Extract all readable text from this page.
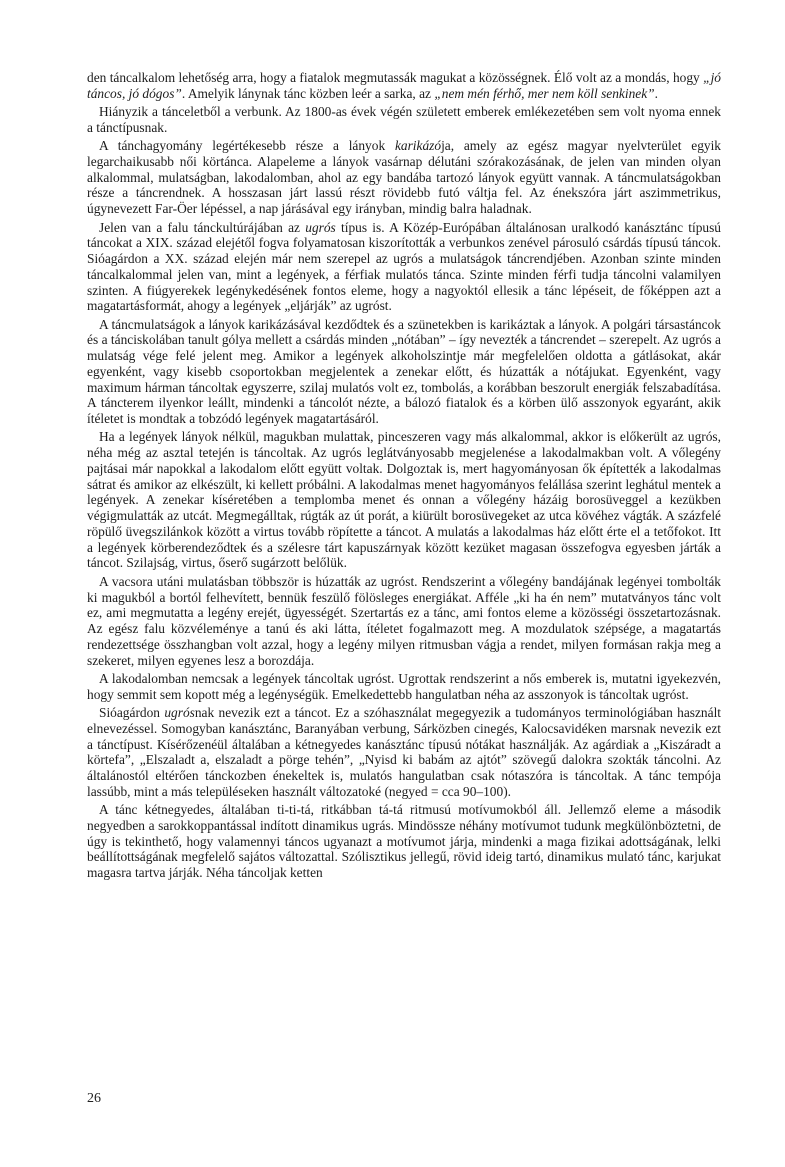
den táncalkalom lehetőség arra, hogy a fiatalok megmutassák magukat a közösségnek. Élő volt az a mondás, hogy „jó táncos, jó dógos”. Amelyik lánynak tánc közben leér a sarka, az „nem mén férhő, mer nem köll senkinek”.

Hiányzik a tánceletből a verbunk. Az 1800-as évek végén született emberek emlékezetében sem volt nyoma ennek a tánctípusnak.

A tánchagyomány legértékesebb része a lányok karikázója, amely az egész magyar nyelvterület egyik legarchaikusabb női körtánca. Alapeleme a lányok vasárnap délutáni szórakozásának, de jelen van minden olyan alkalommal, mulatságban, lakodalomban, ahol az egy bandába tartozó lányok együtt vannak. A táncmulatságokban része a táncrendnek. A hosszasan járt lassú részt rövidebb futó váltja fel. Az énekszóra járt aszimmetrikus, úgynevezett Far-Öer lépéssel, a nap járásával egy irányban, mindig balra haladnak.

Jelen van a falu tánckultúrájában az ugrós típus is. A Közép-Európában általánosan uralkodó kanásztánc típusú táncokat a XIX. század elejétől fogva folyamatosan kiszorították a verbunkos zenével párosuló csárdás típusú táncok. Sióagárdon a XX. század elején már nem szerepel az ugrós a mulatságok táncrendjében. Azonban szinte minden táncalkalommal jelen van, mint a legények, a férfiak mulatós tánca. Szinte minden férfi tudja táncolni valamilyen szinten. A fiúgyerekek legénykedésének fontos eleme, hogy a nagyoktól ellesik a tánc lépéseit, de főképpen azt a magatartásformát, ahogy a legények „eljárják” az ugróst.

A táncmulatságok a lányok karikázásával kezdődtek és a szünetekben is karikáztak a lányok. A polgári társastáncok és a tánciskolában tanult gólya mellett a csárdás minden „nótában” – így nevezték a táncrendet – szerepelt. Az ugrós a mulatság vége felé jelent meg. Amikor a legények alkoholszintje már megfelelően oldotta a gátlásokat, akár egyenként, vagy kisebb csoportokban megjelentek a zenekar előtt, és húzatták a nótájukat. Egyenként, vagy maximum hárman táncoltak egyszerre, szilaj mulatós volt ez, tombolás, a korábban beszorult energiák felszabadítása. A táncterem ilyenkor leállt, mindenki a táncolót nézte, a bálozó fiatalok és a körben ülő asszonyok egyaránt, akik ítéletet is mondtak a tobzódó legények magatartásáról.

Ha a legények lányok nélkül, magukban mulattak, pinceszeren vagy más alkalommal, akkor is előkerült az ugrós, néha még az asztal tetején is táncoltak. Az ugrós leglátványosabb megjelenése a lakodalmakban volt. A vőlegény pajtásai már napokkal a lakodalom előtt együtt voltak. Dolgoztak is, mert hagyományosan ők építették a lakodalmas sátrat és amikor az elkészült, ki kellett próbálni. A lakodalmas menet hagyományos felállása szerint leghátul mentek a legények. A zenekar kíséretében a templomba menet és onnan a vőlegény házáig borosüveggel a kezükben végigmulatták az utcát. Megmegálltak, rúgták az út porát, a kiürült borosüvegeket az utca kövéhez vágták. A százfelé röpülő üvegszilánkok között a virtus tovább röpítette a táncot. A mulatás a lakodalmas ház előtt érte el a tetőfokot. Itt a legények körberendeződtek és a szélesre tárt kapuszárnyak között kezüket magasan összefogva egyesben járták a táncot. Szilajság, virtus, őserő sugárzott belőlük.

A vacsora utáni mulatásban többször is húzatták az ugróst. Rendszerint a vőlegény bandájának legényei tombolták ki magukból a bortól felhevített, bennük feszülő fölösleges energiákat. Afféle „ki ha én nem” mutatványos tánc volt ez, ami megmutatta a legény erejét, ügyességét. Szertartás ez a tánc, ami fontos eleme a közösségi összetartozásnak. Az egész falu közvéleménye a tanú és aki látta, ítéletet fogalmazott meg. A mozdulatok szépsége, a magatartás rendezettsége összhangban volt azzal, hogy a legény milyen ritmusban vágja a rendet, milyen formásan rakja meg a szekeret, milyen egyenes lesz a borozdája.

A lakodalomban nemcsak a legények táncoltak ugróst. Ugrottak rendszerint a nős emberek is, mutatni igyekezvén, hogy semmit sem kopott még a legénységük. Emelkedettebb hangulatban néha az asszonyok is táncoltak ugróst.

Sióagárdon ugrósnak nevezik ezt a táncot. Ez a szóhasználat megegyezik a tudományos terminológiában használt elnevezéssel. Somogyban kanásztánc, Baranyában verbung, Sárközben cinegés, Kalocsavidéken marsnak nevezik ezt a tánctípust. Kísérőzenéül általában a kétnegyedes kanásztánc típusú nótákat használják. Az agárdiak a „Kiszáradt a körtefa”, „Elszaladt a, elszaladt a pörge tehén”, „Nyisd ki babám az ajtót” szövegű dalokra szokták táncolni. Az általánostól eltérően tánckozben énekeltek is, mulatós hangulatban csak nótaszóra is táncoltak. A tánc tempója lassúbb, mint a más településeken használt változatoké (negyed = cca 90–100).

A tánc kétnegyedes, általában ti-ti-tá, ritkábban tá-tá ritmusú motívumokból áll. Jellemző eleme a második negyedben a sarokkoppantással indított dinamikus ugrás. Mindössze néhány motívumot tudunk megkülönböztetni, de úgy is tekinthető, hogy valamennyi táncos ugyanazt a motívumot járja, mindenki a maga fizikai adottságának, lelki beállítottságának megfelelő sajátos változattal. Szólisztikus jellegű, rövid ideig tartó, dinamikus mulató tánc, karjukat magasra tartva járják. Néha táncoljak ketten

26
